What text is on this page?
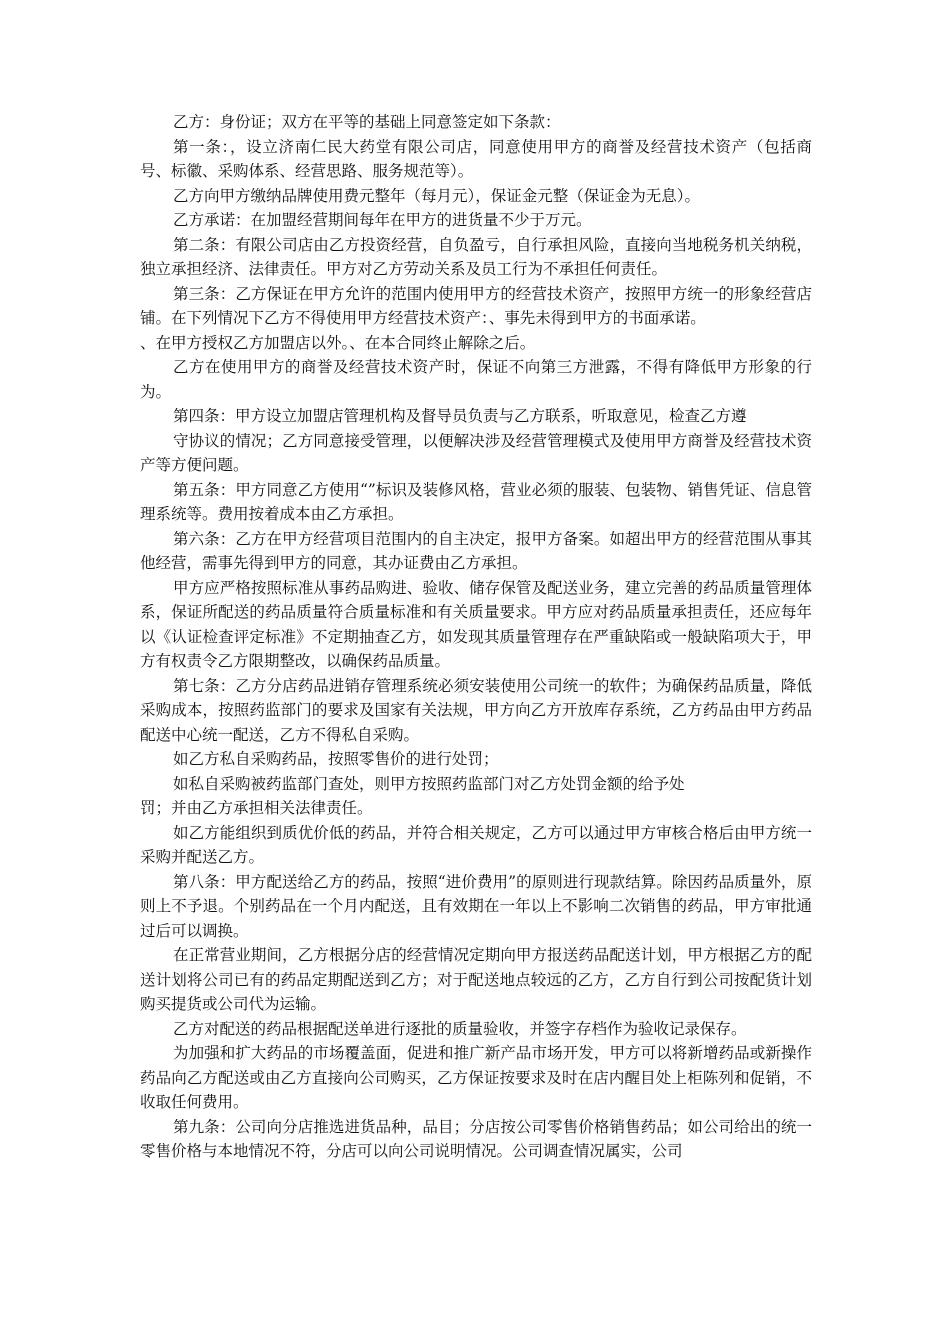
乙方：身份证；双方在平等的基础上同意签定如下条款：

第一条：，设立济南仁民大药堂有限公司店，同意使用甲方的商誉及经营技术资产（包括商号、标徽、采购体系、经营思路、服务规范等）。

乙方向甲方缴纳品牌使用费元整年（每月元），保证金元整（保证金为无息）。

乙方承诺：在加盟经营期间每年在甲方的进货量不少于万元。

第二条：有限公司店由乙方投资经营，自负盈亏，自行承担风险，直接向当地税务机关纳税，独立承担经济、法律责任。甲方对乙方劳动关系及员工行为不承担任何责任。

第三条：乙方保证在甲方允许的范围内使用甲方的经营技术资产，按照甲方统一的形象经营店铺。在下列情况下乙方不得使用甲方经营技术资产：、事先未得到甲方的书面承诺。

、在甲方授权乙方加盟店以外。、在本合同终止解除之后。

乙方在使用甲方的商誉及经营技术资产时，保证不向第三方泄露，不得有降低甲方形象的行为。

第四条：甲方设立加盟店管理机构及督导员负责与乙方联系，听取意见，检查乙方遵

守协议的情况；乙方同意接受管理，以便解决涉及经营管理模式及使用甲方商誉及经营技术资产等方便问题。

第五条：甲方同意乙方使用“”标识及装修风格，营业必须的服装、包装物、销售凭证、信息管理系统等。费用按着成本由乙方承担。

第六条：乙方在甲方经营项目范围内的自主决定，报甲方备案。如超出甲方的经营范围从事其他经营，需事先得到甲方的同意，其办证费由乙方承担。

甲方应严格按照标准从事药品购进、验收、储存保管及配送业务，建立完善的药品质量管理体系，保证所配送的药品质量符合质量标准和有关质量要求。甲方应对药品质量承担责任，还应每年以《认证检查评定标准》不定期抽查乙方，如发现其质量管理存在严重缺陷或一般缺陷项大于，甲方有权责令乙方限期整改，以确保药品质量。

第七条：乙方分店药品进销存管理系统必须安装使用公司统一的软件；为确保药品质量，降低采购成本，按照药监部门的要求及国家有关法规，甲方向乙方开放库存系统，乙方药品由甲方药品配送中心统一配送，乙方不得私自采购。

如乙方私自采购药品，按照零售价的进行处罚；

如私自采购被药监部门查处，则甲方按照药监部门对乙方处罚金额的给予处

罚；并由乙方承担相关法律责任。

如乙方能组织到质优价低的药品，并符合相关规定，乙方可以通过甲方审核合格后由甲方统一采购并配送乙方。

第八条：甲方配送给乙方的药品，按照“进价费用”的原则进行现款结算。除因药品质量外，原则上不予退。个别药品在一个月内配送，且有效期在一年以上不影响二次销售的药品，甲方审批通过后可以调换。

在正常营业期间，乙方根据分店的经营情况定期向甲方报送药品配送计划，甲方根据乙方的配送计划将公司已有的药品定期配送到乙方；对于配送地点较远的乙方，乙方自行到公司按配货计划购买提货或公司代为运输。

乙方对配送的药品根据配送单进行逐批的质量验收，并签字存档作为验收记录保存。

为加强和扩大药品的市场覆盖面，促进和推广新产品市场开发，甲方可以将新增药品或新操作药品向乙方配送或由乙方直接向公司购买，乙方保证按要求及时在店内醒目处上柜陈列和促销，不收取任何费用。

第九条：公司向分店推选进货品种，品目；分店按公司零售价格销售药品；如公司给出的统一零售价格与本地情况不符，分店可以向公司说明情况。公司调查情况属实，公司
